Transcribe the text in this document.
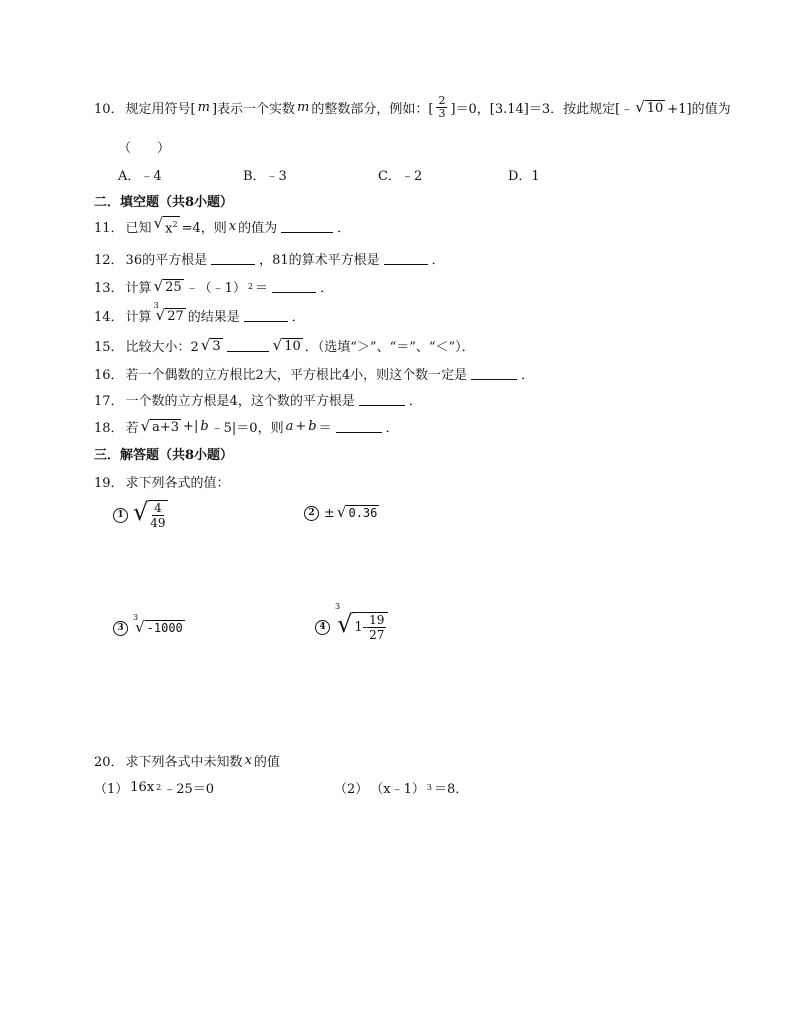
10． 规定用符号[ m ]表示一个实数 m 的整数部分，例如：[ $\frac{2}{3} ]=0$，[3.14]＝3．按此规定[﹣ √ 10 +1]的值为
（　　）
A．﹣4	B．﹣3	C．﹣2	D．1
二．填空题（共8小题）
11． 已知 √ $x^2 =4$，则 x 的值为	．
12． 36的平方根是	，81的算术平方根是	．
13． 计算 √ 25 ﹣（﹣1） 2 ＝	．
14． 计算
3
√ 27 的结果是	．
15． 比较大小：2 √ 3	√ 10 ．（选填“＞”、“＝”、“＜”）．
16． 若一个偶数的立方根比2大，平方根比4小，则这个数一定是	．
17． 一个数的立方根是4，这个数的平方根是	．
18． 若 √ a+3 +| b ﹣5|＝0，则 a + b ＝	．
三．解答题（共8小题）
19． 求下列各式的值：
1 √ $\frac{4}{49}$	2 ± √ 0.36
3
3
√ -1000	4
3
√ $1- \frac{19}{27}$
20． 求下列各式中未知数 x 的值
（1） 16x 2 ﹣25＝0	（2） （x﹣1） 3 ＝8．
